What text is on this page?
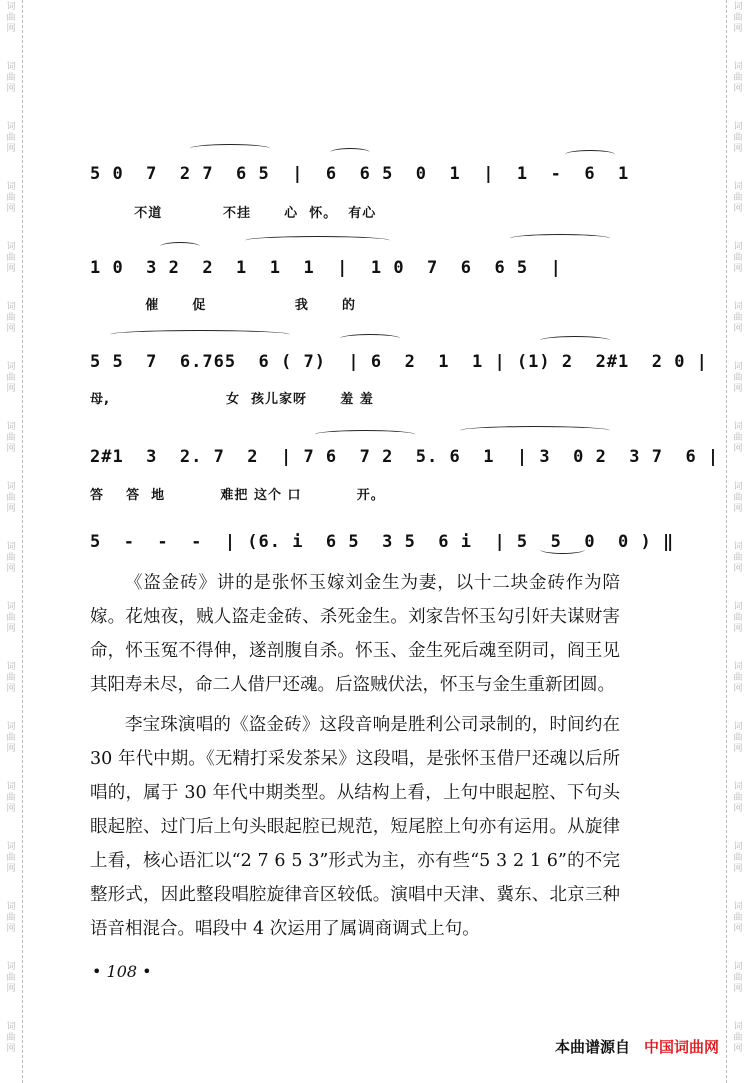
词
曲
网
词
曲
网
词
曲
网
词
曲
网
词
曲
网
词
曲
网
词
曲
网
词
曲
网
词
曲
网
词
曲
网
词
曲
网
词
曲
网
词
曲
网
词
曲
网
词
曲
网
词
曲
网
词
曲
网
词
曲
网
词
曲
网
词
曲
网
词
曲
网
词
曲
网
词
曲
网
词
曲
网
词
曲
网
词
曲
网
词
曲
网
词
曲
网
词
曲
网
词
曲
网
词
曲
网
词
曲
网
词
曲
网
词
曲
网
词
曲
网
词
曲
网
5 0  7  2 7  6 5  |  6  6 5  0  1  |  1  -  6  1
不道           不挂      心  怀。  有心
1 0  3 2  2  1  1  1  |  1 0  7  6  6 5  |
催      促                我      的
5 5  7  6.765  6 ( 7)  | 6  2  1  1 | (1) 2  2#1  2 0 |
母,                     女  孩儿家呀      羞 羞
2#1  3  2. 7  2  | 7 6  7 2  5. 6  1  | 3  0 2  3 7  6 |
答    答  地          难把 这个 口          开。
5  -  -  -  | (6. i  6 5  3 5  6 i  | 5  5  0  0 ) ‖

《盗金砖》讲的是张怀玉嫁刘金生为妻，以十二块金砖作为陪嫁。花烛夜，贼人盗走金砖、杀死金生。刘家告怀玉勾引奸夫谋财害命，怀玉冤不得伸，遂剖腹自杀。怀玉、金生死后魂至阴司，阎王见其阳寿未尽，命二人借尸还魂。后盗贼伏法，怀玉与金生重新团圆。

李宝珠演唱的《盗金砖》这段音响是胜利公司录制的，时间约在 30 年代中期。《无精打采发茶呆》这段唱，是张怀玉借尸还魂以后所唱的，属于 30 年代中期类型。从结构上看，上句中眼起腔、下句头眼起腔、过门后上句头眼起腔已规范，短尾腔上句亦有运用。从旋律上看，核心语汇以“2 7 6 5 3”形式为主，亦有些“5 3 2 1 6”的不完整形式，因此整段唱腔旋律音区较低。演唱中天津、冀东、北京三种语音相混合。唱段中 4 次运用了属调商调式上句。

• 108 •
本曲谱源自 中国词曲网
